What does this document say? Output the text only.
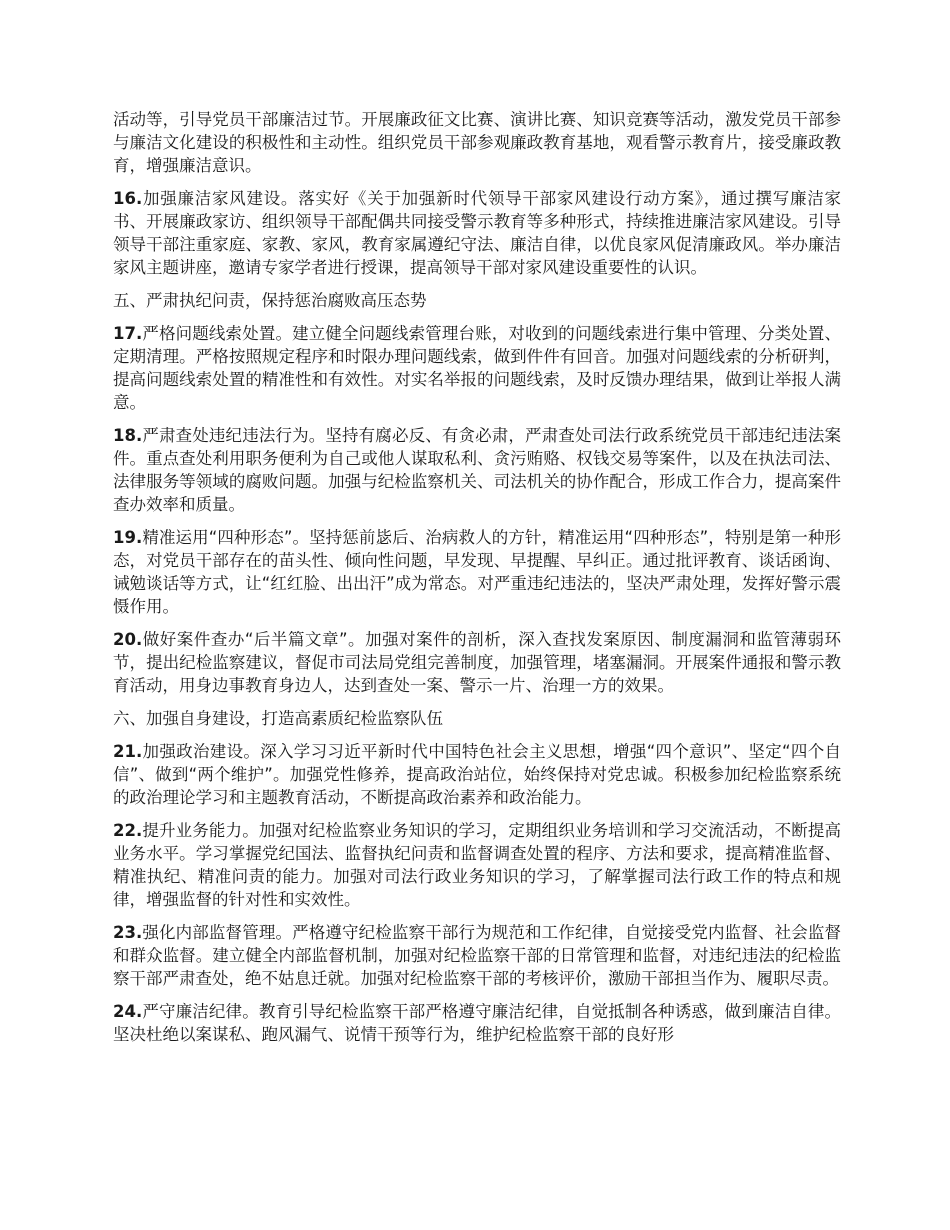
活动等，引导党员干部廉洁过节。开展廉政征文比赛、演讲比赛、知识竞赛等活动，激发党员干部参与廉洁文化建设的积极性和主动性。组织党员干部参观廉政教育基地，观看警示教育片，接受廉政教育，增强廉洁意识。

16.加强廉洁家风建设。落实好《关于加强新时代领导干部家风建设行动方案》，通过撰写廉洁家书、开展廉政家访、组织领导干部配偶共同接受警示教育等多种形式，持续推进廉洁家风建设。引导领导干部注重家庭、家教、家风，教育家属遵纪守法、廉洁自律，以优良家风促清廉政风。举办廉洁家风主题讲座，邀请专家学者进行授课，提高领导干部对家风建设重要性的认识。

五、严肃执纪问责，保持惩治腐败高压态势

17.严格问题线索处置。建立健全问题线索管理台账，对收到的问题线索进行集中管理、分类处置、定期清理。严格按照规定程序和时限办理问题线索，做到件件有回音。加强对问题线索的分析研判，提高问题线索处置的精准性和有效性。对实名举报的问题线索，及时反馈办理结果，做到让举报人满意。

18.严肃查处违纪违法行为。坚持有腐必反、有贪必肃，严肃查处司法行政系统党员干部违纪违法案件。重点查处利用职务便利为自己或他人谋取私利、贪污贿赂、权钱交易等案件，以及在执法司法、法律服务等领域的腐败问题。加强与纪检监察机关、司法机关的协作配合，形成工作合力，提高案件查办效率和质量。

19.精准运用“四种形态”。坚持惩前毖后、治病救人的方针，精准运用“四种形态”，特别是第一种形态，对党员干部存在的苗头性、倾向性问题，早发现、早提醒、早纠正。通过批评教育、谈话函询、诫勉谈话等方式，让“红红脸、出出汗”成为常态。对严重违纪违法的，坚决严肃处理，发挥好警示震慑作用。

20.做好案件查办“后半篇文章”。加强对案件的剖析，深入查找发案原因、制度漏洞和监管薄弱环节，提出纪检监察建议，督促市司法局党组完善制度，加强管理，堵塞漏洞。开展案件通报和警示教育活动，用身边事教育身边人，达到查处一案、警示一片、治理一方的效果。

六、加强自身建设，打造高素质纪检监察队伍

21.加强政治建设。深入学习习近平新时代中国特色社会主义思想，增强“四个意识”、坚定“四个自信”、做到“两个维护”。加强党性修养，提高政治站位，始终保持对党忠诚。积极参加纪检监察系统的政治理论学习和主题教育活动，不断提高政治素养和政治能力。

22.提升业务能力。加强对纪检监察业务知识的学习，定期组织业务培训和学习交流活动，不断提高业务水平。学习掌握党纪国法、监督执纪问责和监督调查处置的程序、方法和要求，提高精准监督、精准执纪、精准问责的能力。加强对司法行政业务知识的学习，了解掌握司法行政工作的特点和规律，增强监督的针对性和实效性。

23.强化内部监督管理。严格遵守纪检监察干部行为规范和工作纪律，自觉接受党内监督、社会监督和群众监督。建立健全内部监督机制，加强对纪检监察干部的日常管理和监督，对违纪违法的纪检监察干部严肃查处，绝不姑息迁就。加强对纪检监察干部的考核评价，激励干部担当作为、履职尽责。

24.严守廉洁纪律。教育引导纪检监察干部严格遵守廉洁纪律，自觉抵制各种诱惑，做到廉洁自律。坚决杜绝以案谋私、跑风漏气、说情干预等行为，维护纪检监察干部的良好形
